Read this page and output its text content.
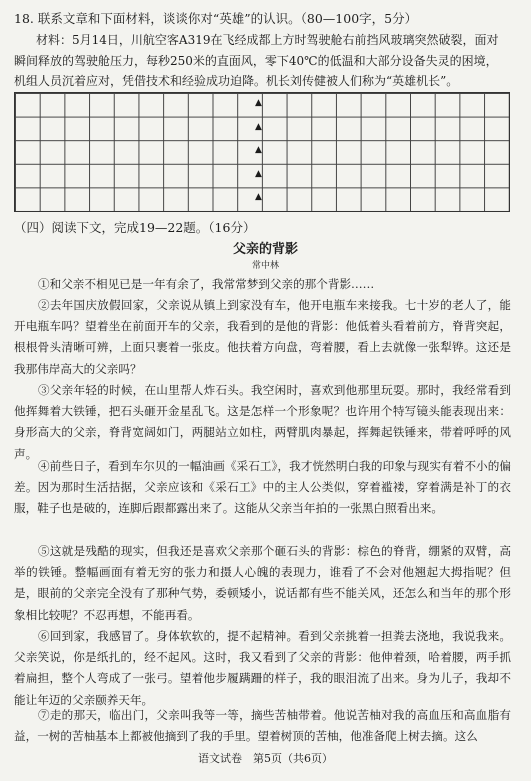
18. 联系文章和下面材料，谈谈你对“英雄”的认识。（80—100字，5分）
材料：5月14日，川航空客A319在飞经成都上方时驾驶舱右前挡风玻璃突然破裂，面对瞬间释放的驾驶舱压力，每秒250米的直面风，零下40℃的低温和大部分设备失灵的困境，机组人员沉着应对，凭借技术和经验成功迫降。机长刘传健被人们称为“英雄机长”。
▲
▲
▲
▲
▲
（四）阅读下文，完成19—22题。（16分）
父亲的背影
常中林
①和父亲不相见已是一年有余了，我常常梦到父亲的那个背影……
②去年国庆放假回家，父亲说从镇上到家没有车，他开电瓶车来接我。七十岁的老人了，能开电瓶车吗？望着坐在前面开车的父亲，我看到的是他的背影：他低着头看着前方，脊背突起，根根骨头清晰可辨，上面只裹着一张皮。他扶着方向盘，弯着腰，看上去就像一张犁铧。这还是我那伟岸高大的父亲吗？
③父亲年轻的时候，在山里帮人炸石头。我空闲时，喜欢到他那里玩耍。那时，我经常看到他挥舞着大铁锤，把石头砸开金星乱飞。这是怎样一个形象呢？也许用个特写镜头能表现出来：身形高大的父亲，脊背宽阔如门，两腿站立如柱，两臂肌肉暴起，挥舞起铁锤来，带着呼呼的风声。
④前些日子，看到车尔贝的一幅油画《采石工》，我才恍然明白我的印象与现实有着不小的偏差。因为那时生活拮据，父亲应该和《采石工》中的主人公类似，穿着褴褛，穿着满是补丁的衣服，鞋子也是破的，连脚后跟都露出来了。这能从父亲当年拍的一张黑白照看出来。
⑤这就是残酷的现实，但我还是喜欢父亲那个砸石头的背影：棕色的脊背，绷紧的双臂，高举的铁锤。整幅画面有着无穷的张力和摄人心魄的表现力，谁看了不会对他翘起大拇指呢？但是，眼前的父亲完全没有了那种气势，委顿矮小，说话都有些不能关风，还怎么和当年的那个形象相比较呢？不忍再想，不能再看。
⑥回到家，我感冒了。身体软软的，提不起精神。看到父亲挑着一担粪去浇地，我说我来。父亲笑说，你是纸扎的，经不起风。这时，我又看到了父亲的背影：他伸着颈，哈着腰，两手抓着扁担，整个人弯成了一张弓。望着他步履蹒跚的样子，我的眼泪流了出来。身为儿子，我却不能让年迈的父亲颐养天年。
⑦走的那天，临出门，父亲叫我等一等，摘些苦柚带着。他说苦柚对我的高血压和高血脂有益，一树的苦柚基本上都被他摘到了我的手里。望着树顶的苦柚，他准备爬上树去摘。这么
语文试卷　第5页（共6页）
